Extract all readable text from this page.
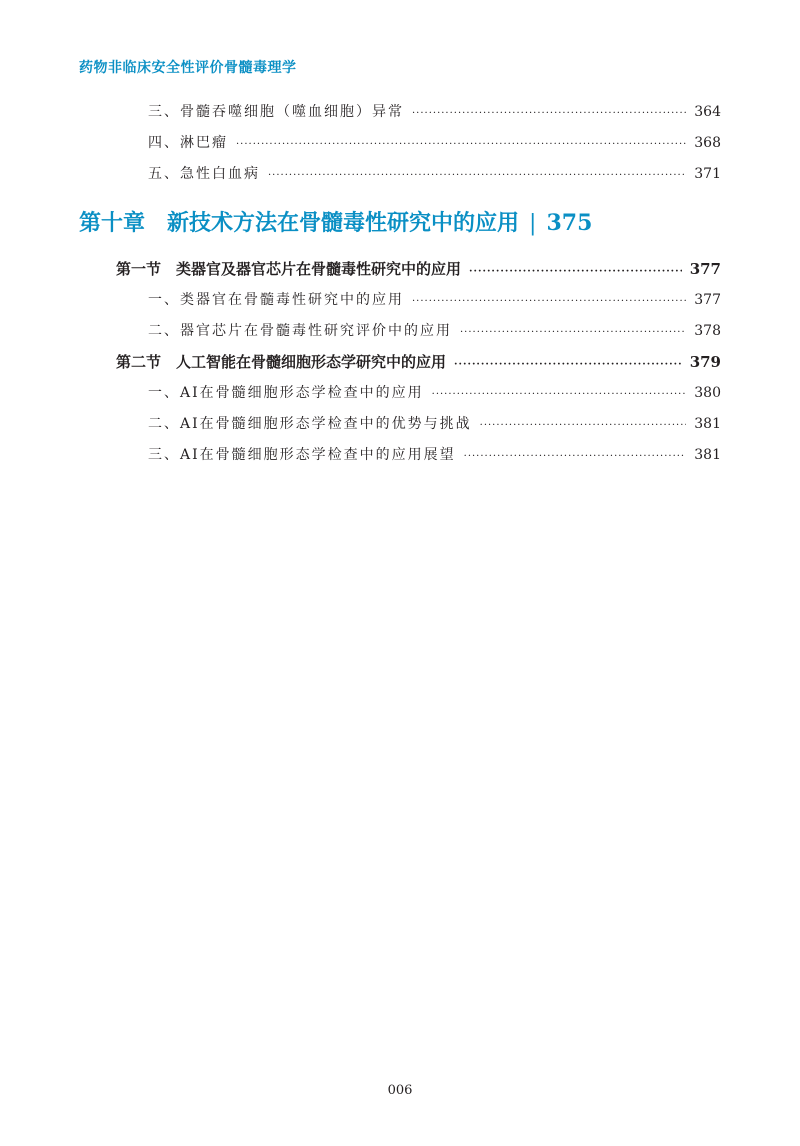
药物非临床安全性评价骨髓毒理学
三、骨髓吞噬细胞（噬血细胞）异常 ·····	364
四、淋巴瘤 ·····	368
五、急性白血病 ·····	371
第十章 新技术方法在骨髓毒性研究中的应用 | 375
第一节　类器官及器官芯片在骨髓毒性研究中的应用 ·····	377
一、类器官在骨髓毒性研究中的应用 ·····	377
二、器官芯片在骨髓毒性研究评价中的应用 ·····	378
第二节　人工智能在骨髓细胞形态学研究中的应用 ·····	379
一、AI在骨髓细胞形态学检查中的应用 ·····	380
二、AI在骨髓细胞形态学检查中的优势与挑战 ·····	381
三、AI在骨髓细胞形态学检查中的应用展望 ·····	381
006
